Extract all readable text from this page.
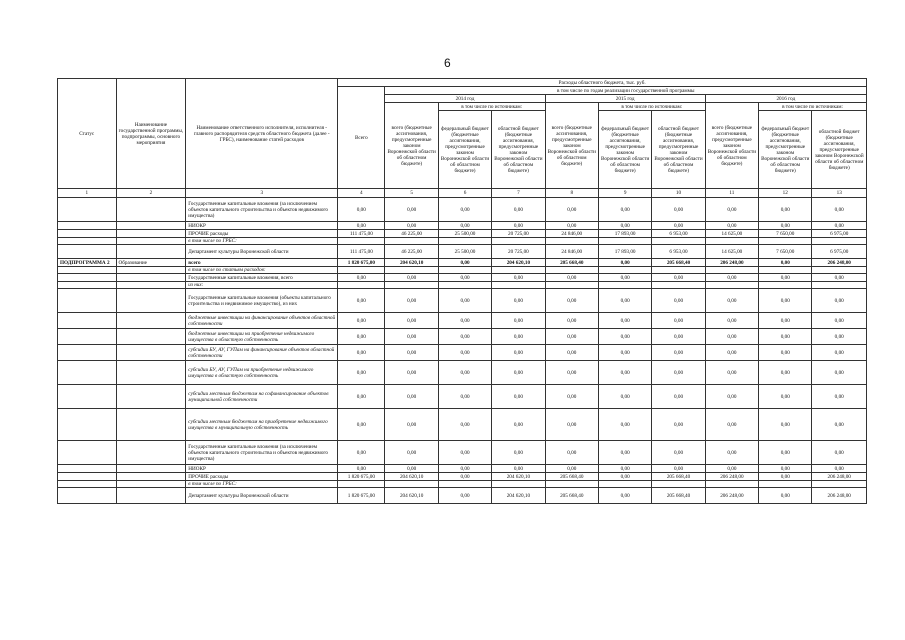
6
Статус	Наименование государственной программы, подпрограммы, основного мероприятия	Наименование ответственного исполнителя, исполнителя - главного распорядителя средств областного бюджета (далее - ГРБС), наименование статей расходов	Расходы областного бюджета, тыс. руб.									
			Всего	в том числе по годам реализации государственной программы								
				2014 год			2015 год			2016 год		
				всего (бюджетные ассигнования, предусмотренные законом Воронежской области об областном бюджете)	в том числе по источникам:		всего (бюджетные ассигнования, предусмотренные законом Воронежской области об областном бюджете)	в том числе по источникам:		всего (бюджетные ассигнования, предусмотренные законом Воронежской области об областном бюджете)	в том числе по источникам:	
					федеральный бюджет (бюджетные ассигнования, предусмотренные законом Воронежской области об областном бюджете)	областной бюджет (бюджетные ассигнования, предусмотренные законом Воронежской области об областном бюджете)		федеральный бюджет (бюджетные ассигнования, предусмотренные законом Воронежской области об областном бюджете)	областной бюджет (бюджетные ассигнования, предусмотренные законом Воронежской области об областном бюджете)		федеральный бюджет (бюджетные ассигнования, предусмотренные законом Воронежской области об областном бюджете)	областной бюджет (бюджетные ассигнования, предусмотренные законом Воронежской области об областном бюджете)
1	2	3	4	5	6	7	8	9	10	11	12	13
		Государственные капитальные вложения (за исключением объектов капитального строительства и объектов недвижимого имущества)	0,00	0,00	0,00	0,00	0,00	0,00	0,00	0,00	0,00	0,00
		НИОКР	0,00	0,00	0,00	0,00	0,00	0,00	0,00	0,00	0,00	0,00
		ПРОЧИЕ расходы	111 475,00	46 225,00	25 500,00	20 725,00	24 846,00	17 893,00	6 953,00	14 625,00	7 650,00	6 975,00
		в том числе по ГРБС:										
		Департамент культуры Воронежской области	111 475,00	46 225,00	25 500,00	20 725,00	24 846,00	17 893,00	6 953,00	14 625,00	7 650,00	6 975,00
ПОДПРОГРАММА 2	Образование	всего	1 820 675,00	204 620,10	0,00	204 620,10	205 668,40	0,00	205 668,40	206 248,00	0,00	206 248,00
		в том числе по статьям расходов:										
		Государственные капитальные вложения, всего	0,00	0,00	0,00	0,00	0,00	0,00	0,00	0,00	0,00	0,00
		из них:										
		Государственные капитальные вложения (объекты капитального строительства и недвижимое имущество), из них	0,00	0,00	0,00	0,00	0,00	0,00	0,00	0,00	0,00	0,00
		бюджетные инвестиции на финансирование объектов областной собственности	0,00	0,00	0,00	0,00	0,00	0,00	0,00	0,00	0,00	0,00
		бюджетные инвестиции на приобретение недвижимого имущества в областную собственность	0,00	0,00	0,00	0,00	0,00	0,00	0,00	0,00	0,00	0,00
		субсидии БУ, АУ, ГУПам на финансирование объектов областной собственности	0,00	0,00	0,00	0,00	0,00	0,00	0,00	0,00	0,00	0,00
		субсидии БУ, АУ, ГУПам на приобретение недвижимого имущества в областную собственность	0,00	0,00	0,00	0,00	0,00	0,00	0,00	0,00	0,00	0,00
		субсидии местным бюджетам на софинансирование объектов муниципальной собственности	0,00	0,00	0,00	0,00	0,00	0,00	0,00	0,00	0,00	0,00
		субсидии местным бюджетам на приобретение недвижимого имущества в муниципальную собственность	0,00	0,00	0,00	0,00	0,00	0,00	0,00	0,00	0,00	0,00
		Государственные капитальные вложения (за исключением объектов капитального строительства и объектов недвижимого имущества)	0,00	0,00	0,00	0,00	0,00	0,00	0,00	0,00	0,00	0,00
		НИОКР	0,00	0,00	0,00	0,00	0,00	0,00	0,00	0,00	0,00	0,00
		ПРОЧИЕ расходы	1 820 675,00	204 620,10	0,00	204 620,10	205 668,40	0,00	205 668,40	206 248,00	0,00	206 248,00
		в том числе по ГРБС:										
		Департамент культуры Воронежской области	1 820 675,00	204 620,10	0,00	204 620,10	205 668,40	0,00	205 668,40	206 248,00	0,00	206 248,00
